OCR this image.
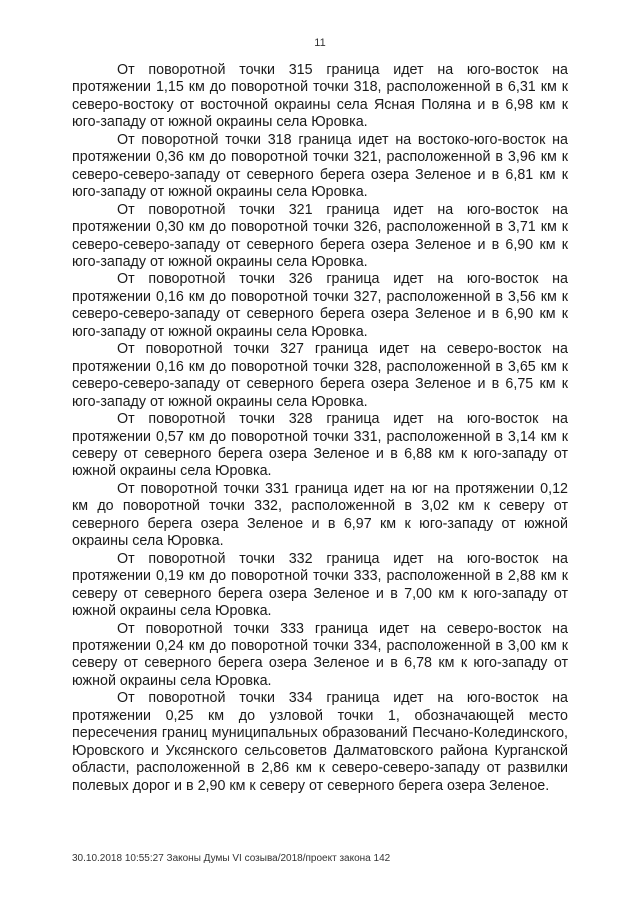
11

От поворотной точки 315 граница идет на юго-восток на протяжении 1,15 км до поворотной точки 318, расположенной в 6,31 км к северо-востоку от восточной окраины села Ясная Поляна и в 6,98 км к юго-западу от южной окраины села Юровка.

От поворотной точки 318 граница идет на востоко-юго-восток на протяжении 0,36 км до поворотной точки 321, расположенной в 3,96 км к северо-северо-западу от северного берега озера Зеленое и в 6,81 км к юго-западу от южной окраины села Юровка.

От поворотной точки 321 граница идет на юго-восток на протяжении 0,30 км до поворотной точки 326, расположенной в 3,71 км к северо-северо-западу от северного берега озера Зеленое и в 6,90 км к юго-западу от южной окраины села Юровка.

От поворотной точки 326 граница идет на юго-восток на протяжении 0,16 км до поворотной точки 327, расположенной в 3,56 км к северо-северо-западу от северного берега озера Зеленое и в 6,90 км к юго-западу от южной окраины села Юровка.

От поворотной точки 327 граница идет на северо-восток на протяжении 0,16 км до поворотной точки 328, расположенной в 3,65 км к северо-северо-западу от северного берега озера Зеленое и в 6,75 км к юго-западу от южной окраины села Юровка.

От поворотной точки 328 граница идет на юго-восток на протяжении 0,57 км до поворотной точки 331, расположенной в 3,14 км к северу от северного берега озера Зеленое и в 6,88 км к юго-западу от южной окраины села Юровка.

От поворотной точки 331 граница идет на юг на протяжении 0,12 км до поворотной точки 332, расположенной в 3,02 км к северу от северного берега озера Зеленое и в 6,97 км к юго-западу от южной окраины села Юровка.

От поворотной точки 332 граница идет на юго-восток на протяжении 0,19 км до поворотной точки 333, расположенной в 2,88 км к северу от северного берега озера Зеленое и в 7,00 км к юго-западу от южной окраины села Юровка.

От поворотной точки 333 граница идет на северо-восток на протяжении 0,24 км до поворотной точки 334, расположенной в 3,00 км к северу от северного берега озера Зеленое и в 6,78 км к юго-западу от южной окраины села Юровка.

От поворотной точки 334 граница идет на юго-восток на протяжении 0,25 км до узловой точки 1, обозначающей место пересечения границ муниципальных образований Песчано-Колединского, Юровского и Уксянского сельсоветов Далматовского района Курганской области, расположенной в 2,86 км к северо-северо-западу от развилки полевых дорог и в 2,90 км к северу от северного берега озера Зеленое.

30.10.2018 10:55:27 Законы Думы VI созыва/2018/проект закона 142
